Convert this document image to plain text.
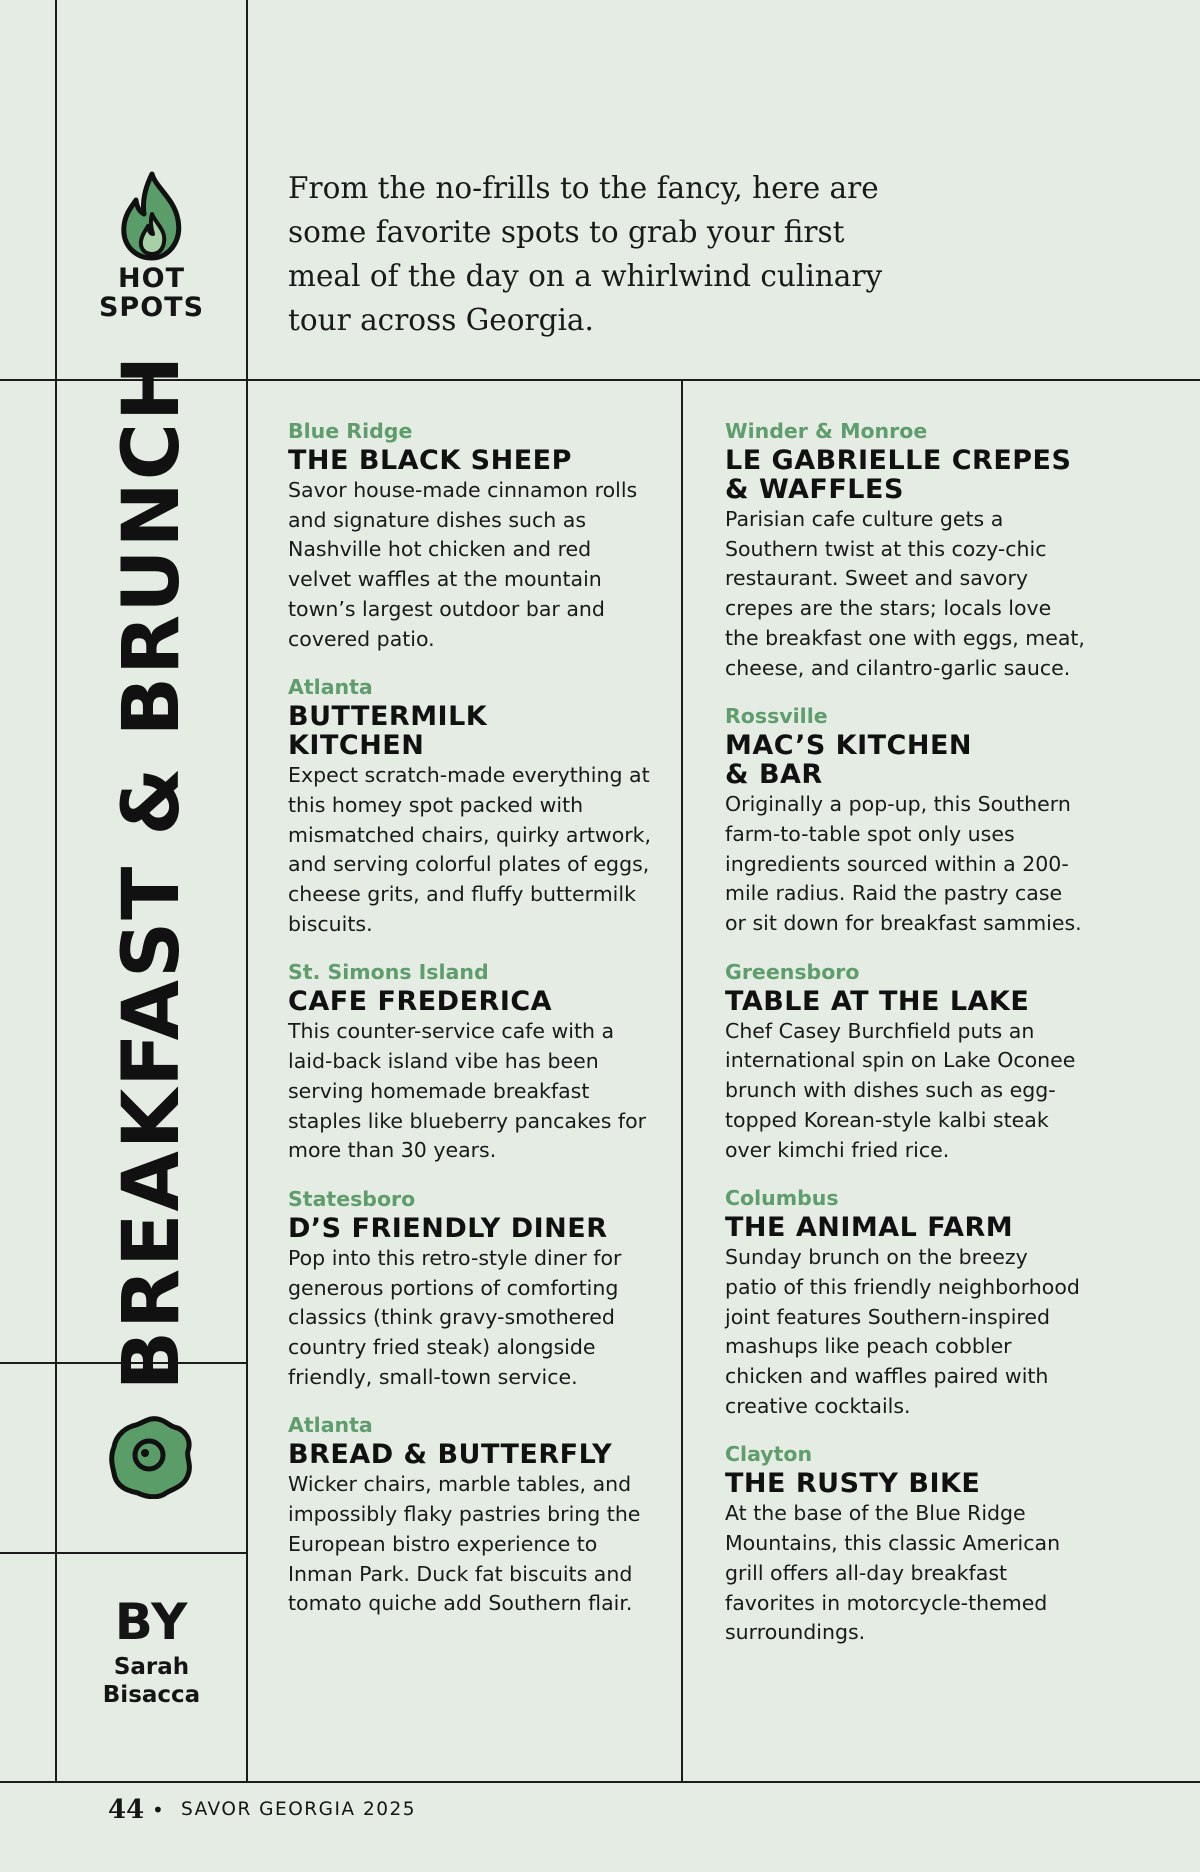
HOT
SPOTS

From the no-frills to the fancy, here are some favorite spots to grab your first meal of the day on a whirlwind culinary tour across Georgia.

BREAKFAST & BRUNCH
BY
Sarah
Bisacca
Blue Ridge
THE BLACK SHEEP
Savor house-made cinnamon rolls and signature dishes such as Nashville hot chicken and red velvet waffles at the mountain town’s largest outdoor bar and covered patio.
Atlanta
BUTTERMILK KITCHEN
Expect scratch-made everything at this homey spot packed with mismatched chairs, quirky artwork, and serving colorful plates of eggs, cheese grits, and fluffy buttermilk biscuits.
St. Simons Island
CAFE FREDERICA
This counter-service cafe with a laid-back island vibe has been serving homemade breakfast staples like blueberry pancakes for more than 30 years.
Statesboro
D’S FRIENDLY DINER
Pop into this retro-style diner for generous portions of comforting classics (think gravy-smothered country fried steak) alongside friendly, small-town service.
Atlanta
BREAD & BUTTERFLY
Wicker chairs, marble tables, and impossibly flaky pastries bring the European bistro experience to Inman Park. Duck fat biscuits and tomato quiche add Southern flair.
Winder & Monroe
LE GABRIELLE CREPES & WAFFLES
Parisian cafe culture gets a Southern twist at this cozy-chic restaurant. Sweet and savory crepes are the stars; locals love the breakfast one with eggs, meat, cheese, and cilantro-garlic sauce.
Rossville
MAC’S KITCHEN & BAR
Originally a pop-up, this Southern farm-to-table spot only uses ingredients sourced within a 200-mile radius. Raid the pastry case or sit down for breakfast sammies.
Greensboro
TABLE AT THE LAKE
Chef Casey Burchfield puts an international spin on Lake Oconee brunch with dishes such as egg-topped Korean-style kalbi steak over kimchi fried rice.
Columbus
THE ANIMAL FARM
Sunday brunch on the breezy patio of this friendly neighborhood joint features Southern-inspired mashups like peach cobbler chicken and waffles paired with creative cocktails.
Clayton
THE RUSTY BIKE
At the base of the Blue Ridge Mountains, this classic American grill offers all-day breakfast favorites in motorcycle-themed surroundings.
44 • SAVOR GEORGIA 2025
